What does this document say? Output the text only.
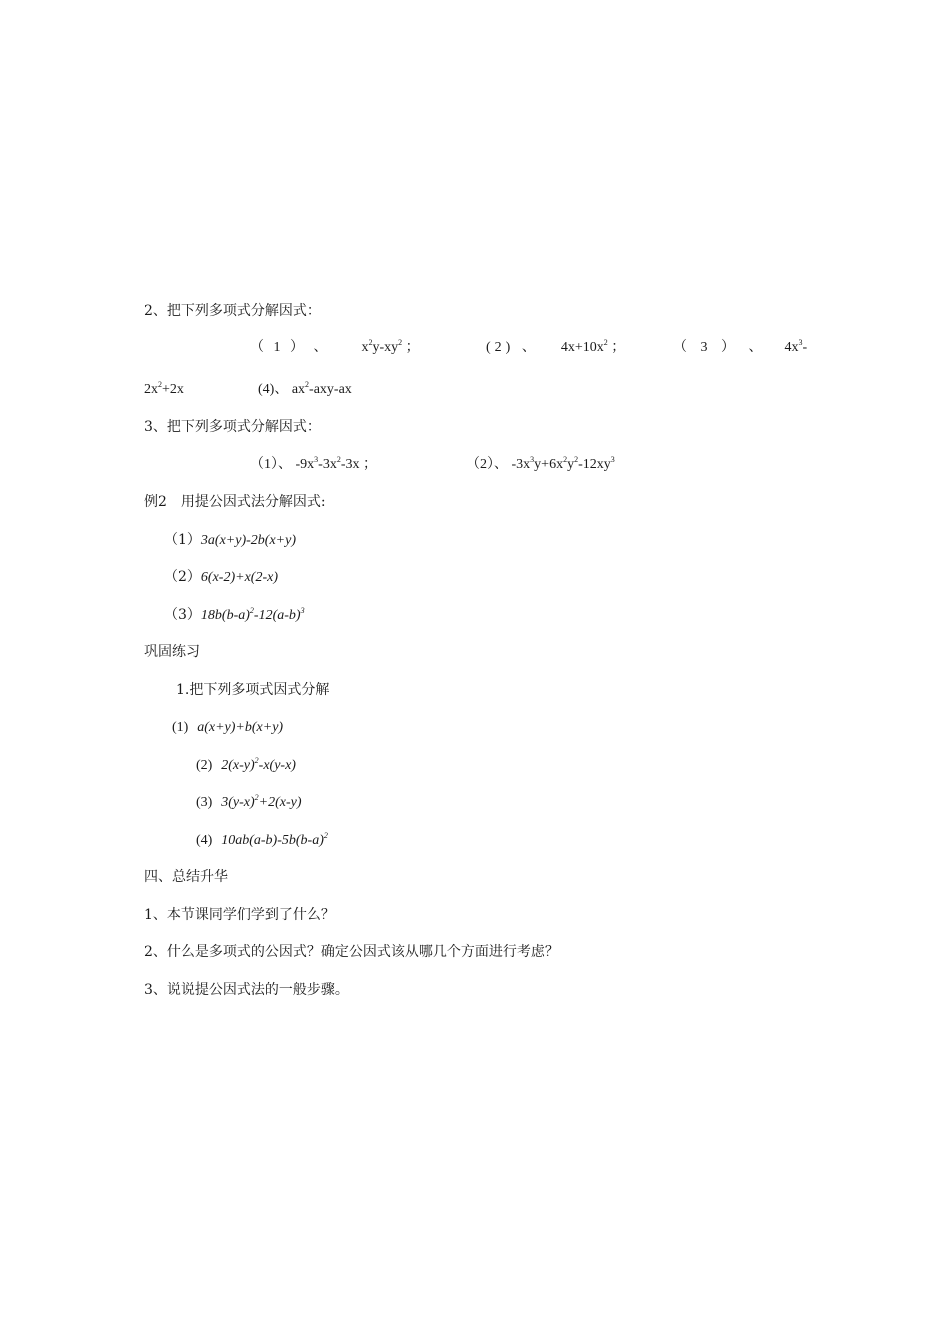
2、把下列多项式分解因式：
（ 1 ） 、 $x^2y-xy^2$ ；	(2) 、 $4x+10x^2$ ；	（ 3 ） 、 $4x^3-$
$2x^2+2x$	(4)、 $ax^2-axy-ax$
3、把下列多项式分解因式：
（1）、 $-9x^3-3x^2-3x$ ；	（2）、 $-3x^3y+6x^2y^2-12xy^3$
例2　用提公因式法分解因式:
（1）3a(x+y)-2b(x+y)
（2）6(x-2)+x(2-x)
$(3)18b(b-a)^2-12(a-b)^3$
巩固练习
1.把下列多项式因式分解
(1) a(x+y)+b(x+y)
(2) $2(x-y)^2-x(y-x)$
(3) $3(y-x)^2+2(x-y)$
(4) $10ab(a-b)-5b(b-a)^2$
四、总结升华
1、本节课同学们学到了什么？
2、什么是多项式的公因式？确定公因式该从哪几个方面进行考虑？
3、说说提公因式法的一般步骤。
